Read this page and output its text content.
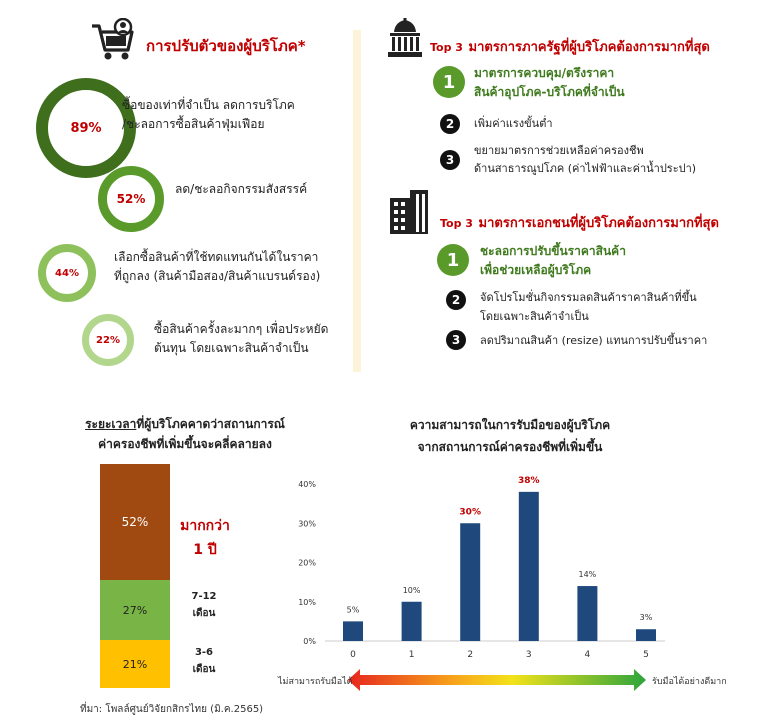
การปรับตัวของผู้บริโภค*
89%
ซื้อของเท่าที่จำเป็น ลดการบริโภค
/ชะลอการซื้อสินค้าฟุ่มเฟือย
52%
ลด/ชะลอกิจกรรมสังสรรค์
44%
เลือกซื้อสินค้าที่ใช้ทดแทนกันได้ในราคา
ที่ถูกลง (สินค้ามือสอง/สินค้าแบรนด์รอง)
22%
ซื้อสินค้าครั้งละมากๆ เพื่อประหยัด
ต้นทุน โดยเฉพาะสินค้าจำเป็น
Top 3 มาตรการภาครัฐที่ผู้บริโภคต้องการมากที่สุด
1	มาตรการควบคุม/ตรึงราคา
สินค้าอุปโภค-บริโภคที่จำเป็น
2	เพิ่มค่าแรงขั้นต่ำ
3
ขยายมาตรการช่วยเหลือค่าครองชีพ
ด้านสาธารณูปโภค (ค่าไฟฟ้าและค่าน้ำประปา)
Top 3 มาตรการเอกชนที่ผู้บริโภคต้องการมากที่สุด
1	ชะลอการปรับขึ้นราคาสินค้า
เพื่อช่วยเหลือผู้บริโภค
2	จัดโปรโมชั่นกิจกรรมลดสินค้าราคาสินค้าที่ขึ้น
โดยเฉพาะสินค้าจำเป็น
3	ลดปริมาณสินค้า (resize) แทนการปรับขึ้นราคา
ระยะเวลาที่ผู้บริโภคคาดว่าสถานการณ์
ค่าครองชีพที่เพิ่มขึ้นจะคลี่คลายลง
52%
27%
21%
มากกว่า
1 ปี
7-12
เดือน
3-6
เดือน
ที่มา: โพลล์ศูนย์วิจัยกสิกรไทย (มิ.ค.2565)
ความสามารถในการรับมือของผู้บริโภค
จากสถานการณ์ค่าครองชีพที่เพิ่มขึ้น
0%
10%
20%
30%
40%
5%
0
10%
1
30%
2
38%
3
14%
4
3%
5
ไม่สามารถรับมือได้	รับมือได้อย่างดีมาก
